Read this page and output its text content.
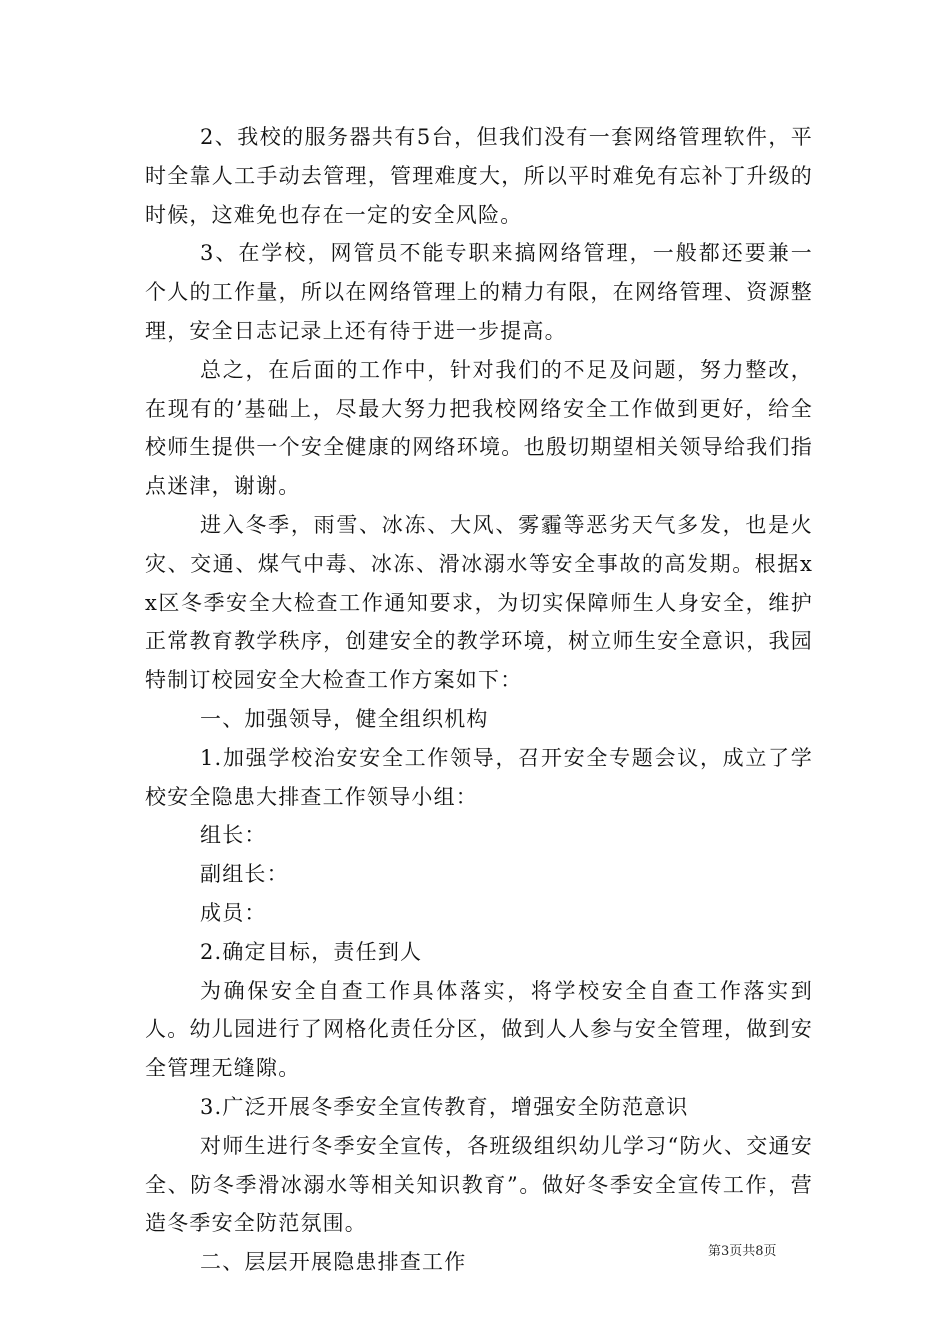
2、我校的服务器共有5台，但我们没有一套网络管理软件，平时全靠人工手动去管理，管理难度大，所以平时难免有忘补丁升级的时候，这难免也存在一定的安全风险。

3、在学校，网管员不能专职来搞网络管理，一般都还要兼一个人的工作量，所以在网络管理上的精力有限，在网络管理、资源整理，安全日志记录上还有待于进一步提高。

总之，在后面的工作中，针对我们的不足及问题，努力整改，在现有的’基础上，尽最大努力把我校网络安全工作做到更好，给全校师生提供一个安全健康的网络环境。也殷切期望相关领导给我们指点迷津，谢谢。

进入冬季，雨雪、冰冻、大风、雾霾等恶劣天气多发，也是火灾、交通、煤气中毒、冰冻、滑冰溺水等安全事故的高发期。根据xx区冬季安全大检查工作通知要求，为切实保障师生人身安全，维护正常教育教学秩序，创建安全的教学环境，树立师生安全意识，我园特制订校园安全大检查工作方案如下：

一、加强领导，健全组织机构

1.加强学校治安安全工作领导，召开安全专题会议，成立了学校安全隐患大排查工作领导小组：

组长：

副组长：

成员：

2.确定目标，责任到人

为确保安全自查工作具体落实，将学校安全自查工作落实到人。幼儿园进行了网格化责任分区，做到人人参与安全管理，做到安全管理无缝隙。

3.广泛开展冬季安全宣传教育，增强安全防范意识

对师生进行冬季安全宣传，各班级组织幼儿学习“防火、交通安全、防冬季滑冰溺水等相关知识教育”。做好冬季安全宣传工作，营造冬季安全防范氛围。

二、层层开展隐患排查工作	第3页共8页
